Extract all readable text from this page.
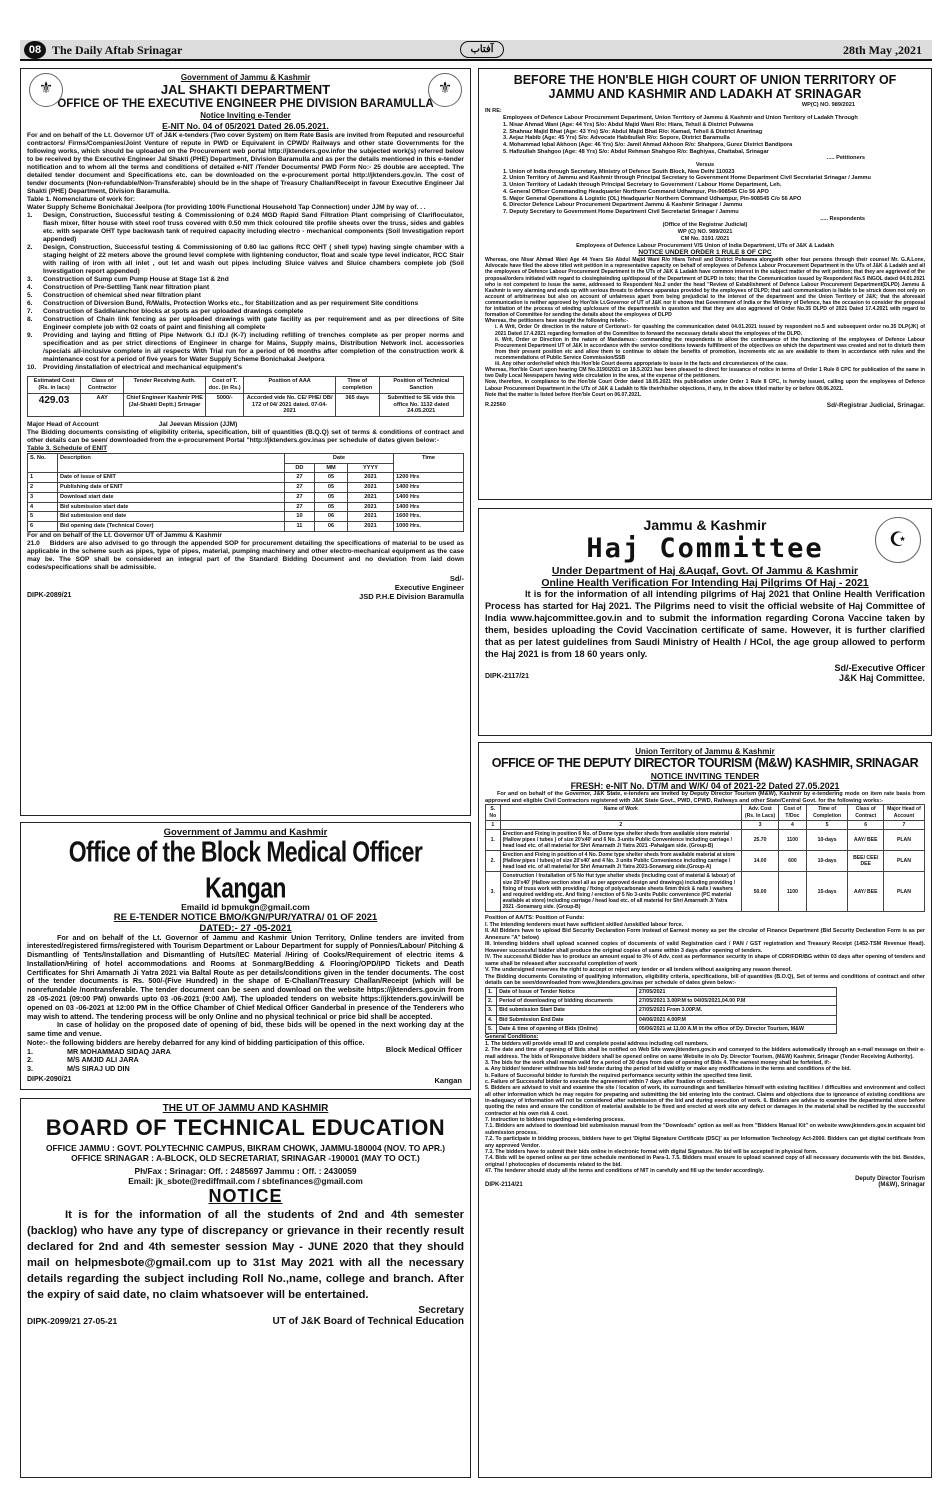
08 The Daily Aftab Srinagar	آفتاب	28th May ,2021
⚜	⚜

Government of Jammu & Kashmir

JAL SHAKTI DEPARTMENT

OFFICE OF THE EXECUTIVE ENGINEER PHE DIVISION BARAMULLA

Notice Inviting e-Tender

E-NIT No. 04 of 05/2021 Dated 26.05.2021.

For and on behalf of the Lt. Governor UT of J&K e-tenders (Two cover System) on Item Rate Basis are invited from Reputed and resourceful contractors/ Firms/Companies/Joint Venture of repute in PWD or Equivalent in CPWD/ Railways and other state Governments for the following works, which should be uploaded on the Procurement web portal http://jktenders.gov.infor the subjected work(s) referred below to be received by the Executive Engineer Jal Shakti (PHE) Department, Division Baramulla and as per the details mentioned in this e-tender notification and to whom all the terms and conditions of detailed e-NIT /Tender Documents/ PWD Form No:- 25 double are accepted. The detailed tender document and Specifications etc. can be downloaded on the e-procurement portal http://jktenders.gov.in. The cost of tender documents (Non-refundable/Non-Transferable) should be in the shape of Treasury Challan/Receipt in favour Executive Engineer Jal Shakti (PHE) Department, Division Baramulla.

Table 1. Nomenclature of work for:

Water Supply Scheme Bonichakal Jeelpora (for providing 100% Functional Household Tap Connection) under JJM by way of. . .

1.	Design, Construction, Successful testing & Commissioning of 0.24 MGD Rapid Sand Filtration Plant comprising of Clarifloculator, flash mixer, filter house with steel roof truss covered with 0.50 mm thick coloured tile profile sheets over the truss, sides and gables etc. with separate OHT type backwash tank of required capacity including electro - mechanical components (Soil Investigation report appended)
2.	Design, Construction, Successful testing & Commissioning of 0.60 lac gallons RCC OHT ( shell type) having single chamber with a staging height of 22 meters above the ground level complete with lightening conductor, float and scale type level indicator, RCC Stair with railing of iron with all inlet , out let and wash out pipes including Sluice valves and Sluice chambers complete job (Soil Investigation report appended)
3.	Construction of Sump cum Pump House at Stage 1st & 2nd
4.	Construction of Pre-Settling Tank near filtration plant
5.	Construction of chemical shed near filtration plant
6.	Construction of Diversion Bund, R/Walls, Protection Works etc., for Stabilization and as per requirement Site conditions
7.	Construction of Saddle/anchor blocks at spots as per uploaded drawings complete
8.	Construction of Chain link fencing as per uploaded drawings with gate facility as per requirement and as per directions of Site Engineer complete job with 02 coats of paint and finishing all complete
9.	Providing and laying and fitting of Pipe Network G.I /D.I (K-7) including refilling of trenches complete as per proper norms and specification and as per strict directions of Engineer in charge for Mains, Supply mains, Distribution Network incl. accessories /specials all-inclusive complete in all respects With Trial run for a period of 06 months after completion of the construction work & maintenance cost for a period of five years for Water Supply Scheme Bonichakal Jeelpora
10.	Providing /installation of electrical and mechanical equipment's
Estimated Cost (Rs. in lacs)	Class of Contractor	Tender Receiving Auth.	Cost of T. doc. (in Rs.)	Position of AAA	Time of completion	Position of Technical Sanction
429.03	AAY	Chief Engineer Kashmir PHE (Jal-Shakti Deptt.) Srinagar	5000/-	Accorded vide No. CE/ PHE/ DB/ 172 of 04/ 2021 dated. 07-04-2021	365 days	Submitted to SE vide this office No. 1132 dated 24.05.2021

Major Head of Account	Jal Jeevan Mission (JJM)

The Bidding documents consisting of eligibility criteria, specification, bill of quantities (B.Q.Q) set of terms & conditions of contract and other details can be seen/ downloaded from the e-procurement Portal "http://jktenders.gov.inas per schedule of dates given below:-

Table 3. Schedule of ENIT

S. No.	Description	Date			Time
		DD	MM	YYYY	
1	Date of issue of ENIT	27	05	2021	1200 Hrs
2	Publishing date of ENIT	27	05	2021	1400 Hrs
3	Download start date	27	05	2021	1400 Hrs
4	Bid submission start date	27	05	2021	1400 Hrs
5	Bid submission end date	10	06	2021	1600 Hrs.
6	Bid opening date (Technical Cover)	11	06	2021	1000 Hrs.

For and on behalf of the Lt. Governor UT of Jammu & Kashmir

21.0 Bidders are also advised to go through the appended SOP for procurement detailing the specifications of material to be used as applicable in the scheme such as pipes, type of pipes, material, pumping machinery and other electro-mechanical equipment as the case may be. The SOP shall be considered an integral part of the Standard Bidding Document and no deviation from laid down codes/specifications shall be admissible.

Sd/-

Executive Engineer

DIPK-2089/21	JSD P.H.E Division Baramulla

BEFORE THE HON'BLE HIGH COURT OF UNION TERRITORY OF

JAMMU AND KASHMIR AND LADAKH AT SRINAGAR

WP(C) NO. 989/2021

IN RE:

Employees of Defence Labour Procurement Department, Union Territory of Jammu & Kashmir and Union Territory of Ladakh Through
1. Nisar Ahmad Wani (Age: 44 Yrs) S/o: Abdul Majid Wani R/o: Hiara, Tehsil & District Pulwama
2. Shahnaz Majid Bhat (Age: 43 Yrs) S/o: Abdul Majid Bhat R/o: Kamad, Tehsil & District Anantnag
3. Aejaz Habib (Age: 45 Yrs) S/o: Advocate Habibullah R/o: Sopore, District Baramulla
4. Mohammad Iqbal Akhoon (Age: 46 Yrs) S/o: Jamil Ahmad Akhoon R/o: Shahpora, Gurez District Bandipora
5. Hafizullah Shahgoo (Age: 48 Yrs) S/o: Abdul Rehman Shahgoo R/o: Baghiyas, Chattabal, Srinagar

..... Petitioners

Versus

1. Union of India through Secretary, Ministry of Defence South Block, New Delhi 110023
2. Union Territory of Jammu and Kashmir through Principal Secretary to Government Home Department Civil Secretariat Srinagar / Jammu
3. Union Territory of Ladakh through Principal Secretary to Government / Labour Home Department, Leh.
4. General Officer Commanding Headquarter Northern Command Udhampur, Pin-908545 C/o 56 APO
5. Major General Operations & Logistic (OL) Headquarter Northern Command Udhampur, Pin-908545 C/o 56 APO
6. Director Defence Labour Procurement Department Jammu & Kashmir Srinagar / Jammu
7. Deputy Secretary to Government Home Department Civil Secretariat Srinagar / Jammu

..... Respondents

(Office of the Registrar Judicial)

WP (C) NO. 989/2021

CM No. 3191 /2021

Employees of Defence Labour Procurement V/S Union of India Department, UTs of J&K & Ladakh

NOTICE UNDER ORDER 1 RULE 8 OF CPC

Whereas, one Nisar Ahmad Wani Age 44 Years S/o Abdul Majid Wani R/o Hiara Tehsil and District Pulwama alongwith other four persons through their counsel Mr. G.A.Lone, Advocate have filed the above titled writ petition in a representative capacity on behalf of employees of Defence Labour Procurement Department in the UTs of J&K & Ladakh and all the employees of Defence Labour Procurement Department in the UTs of J&K & Ladakh have common interest in the subject matter of the writ petition; that they are aggrieved of the proposal/orders initiated with regard to closing/winding up/disposal of the Department of DLPD in toto; that the Communication issued by Respondent No.5 INGOL dated 04.01.2021 who is not competent to issue the same, addressed to Respondent No.2 under the head "Review of Establishment of Defence Labour Procurement Department(DLPD) Jammu & Kashmir is very alarming and ends up with serious threats to defence apparatus provided by the employees of DLPD; that said communication is liable to be struck down not only on account of arbitrariness but also on account of unfairness apart from being prejudicial to the interest of the department and the Union Territory of J&K; that the aforesaid communication is neither approved by Hon'ble Lt.Governor of UT of J&K nor it shows that Government of India or the Ministry of Defence, has the occasion to consider the proposal for initiation of the process of winding up/closure of the department/s in question and that they are also aggrieved of Order No.35 DLPD of 2021 Dated 17.4.2021 with regard to formation of Committee for sending the details about the employees of DLPD

Whereas, the petitioners have sought the following reliefs:-

i. A Writ, Order Or direction in the nature of Certiorari:- for quashing the communication dated 04.01.2021 issued by respondent no.5 and subsequent order no.35 DLP(JK) of 2021 Dated 17.4.2021 regarding formation of the Committee to forward the necessary details about the employees of the DLPD.
ii. Writ, Order or Direction in the nature of Mandamus:- commanding the respondents to allow the continuance of the functioning of the employees of Defence Labour Procurement Department UT of J&K in accordance with the service conditions towards fulfillment of the objectives on which the department was created and not to disturb them from their present position etc and allow them to continue to obtain the benefits of promotion, increments etc as are available to them in accordance with rules and the recommendations of Public Service Commission/SSB
iii. Any other order/relief which this Hon'ble Court deems appropriate to issue in the facts and circumstances of the case.

Whereas, Hon'ble Court upon hearing CM No.3190/2021 on 18.5.2021 has been pleased to direct for issuance of notice in terms of Order 1 Rule 8 CPC for publication of the same in two Daily Local Newspapers having wide circulation in the area, at the expense of the petitioners.

Now, therefore, in compliance to the Hon'ble Court Order dated 18.05.2021 this publication under Order 1 Rule 8 CPC, is hereby issued, calling upon the employees of Defence Labour Procurement Department in the UTs of J&K & Ladakh to file their/his/her objections, if any, in the above titled matter by or before 08.06.2021.

Note that the matter is listed before Hon'ble Court on 06.07.2021.

R.22560	Sd/-Registrar Judicial, Srinagar.
☪

Jammu & Kashmir

Haj Committee

Under Department of Haj &Auqaf, Govt. Of Jammu & Kashmir

Online Health Verification For Intending Haj Pilgrims Of Haj - 2021

It is for the information of all intending pilgrims of Haj 2021 that Online Health Verification Process has started for Haj 2021. The Pilgrims need to visit the official website of Haj Committee of India www.hajcommittee.gov.in and to submit the information regarding Corona Vaccine taken by them, besides uploading the Covid Vaccination certificate of same. However, it is further clarified that as per latest guidelines from Saudi Ministry of Health / HCol, the age group allowed to perform the Haj 2021 is from 18 60 years only.

Sd/-Executive Officer

DIPK-2117/21	J&K Haj Committee.

Government of Jammu and Kashmir

Office of the Block Medical Officer Kangan

Emaild id bpmukgn@gmail.com

RE E-TENDER NOTICE BMO/KGN/PUR/YATRA/ 01 OF 2021

DATED:- 27 -05-2021

For and on behalf of the Lt. Governor of Jammu and Kashmir Union Territory, Online tenders are invited from interested/registered firms/registered with Tourism Department or Labour Department for supply of Ponnies/Labour/ Pitching & Dismantling of Tents/Installation and Dismantling of Huts/IEC Material /Hiring of Cooks/Requirement of electric items & Installation/Hiring of hotel accommodations and Rooms at Sonmarg/Bedding & Flooring/OPD/IPD Tickets and Death Certificates for Shri Amarnath Ji Yatra 2021 via Baltal Route as per details/conditions given in the tender documents. The cost of the tender documents is Rs. 500/-(Five Hundred) in the shape of E-Challan/Treasury Challan/Receipt (which will be nonrefundable /nontransferable. The tender document can be seen and download on the website https://jktenders.gov.in from 28 -05-2021 (09:00 PM) onwards upto 03 -06-2021 (9:00 AM). The uploaded tenders on website https://jktenders.gov.in/will be opened on 03 -06-2021 at 12:00 PM in the Office Chamber of Chief Medical Officer Ganderbal in presence of the Tenderers who may wish to attend. The tendering process will be only Online and no physical technical or price bid shall be accepted.

In case of holiday on the proposed date of opening of bid, these bids will be opened in the next working day at the same time and venue.

Note:- the following bidders are hereby debarred for any kind of bidding participation of this office.

1.	MR MOHAMMAD SIDAQ JARA
2.	M/S AMJID ALI JARA
3.	M/S SIRAJ UD DIN

Block Medical Officer

DIPK-2090/21	Kangan

THE UT OF JAMMU AND KASHMIR

BOARD OF TECHNICAL EDUCATION

OFFICE JAMMU : GOVT. POLYTECHNIC CAMPUS, BIKRAM CHOWK, JAMMU-180004 (NOV. TO APR.)

OFFICE SRINAGAR : A-BLOCK, OLD SECRETARIAT, SRINAGAR -190001 (MAY TO OCT.)

Ph/Fax : Srinagar: Off. : 2485697 Jammu : Off. : 2430059

Email: jk_sbote@rediffmail.com / sbtefinances@gmail.com

NOTICE

It is for the information of all the students of 2nd and 4th semester (backlog) who have any type of discrepancy or grievance in their recently result declared for 2nd and 4th semester session May - JUNE 2020 that they should mail on helpmesbote@gmail.com up to 31st May 2021 with all the necessary details regarding the subject including Roll No.,name, college and branch. After the expiry of said date, no claim whatsoever will be entertained.

Secretary

DIPK-2099/21 27-05-21	UT of J&K Board of Technical Education

Union Territory of Jammu & Kashmir

OFFICE OF THE DEPUTY DIRECTOR TOURISM (M&W) KASHMIR, SRINAGAR

NOTICE INVITING TENDER

FRESH: e-NIT No. DT/M and W/K/ 04 of 2021-22 Dated 27.05.2021

For and on behalf of the Governor, J&K State, e-tenders are invited by Deputy Director Tourism (M&W), Kashmir by e-tendering mode on item rate basis from approved and eligible Civil Contractors registered with J&K State Govt., PWD, CPWD, Railways and other State/Central Govt. for the following works:-

S. No	Name of Work	Adv. Cost (Rs. In Lacs)	Cost of T/Doc	Time of Completion	Class of Contract	Major Head of Account
1	2	3	4	5	6	7
1.	Erection and Fixing in position 6 No. of Dome type shelter sheds from available store material (Hallow pipes / tubes ) of size 20'x40' and 6 No. 3-units Public Convenience including carriage / head load etc. of all material for Shri Amarnath Ji Yatra 2021 -Pahalgam side. (Group-B)	25.70	1100	10-days	AAY/ BEE	PLAN
2.	Erection and Fixing in position of 4 No. Dome type shelter sheds from available material at store (Hallow pipes / tubes) of size 20'x40' and 4 No. 3 units Public Convenience including carriage / head load etc. of all material for Shri Amarnath Ji Yatra 2021-Sonamarg side.(Group-A)	14.00	600	10-days	BEE/ CEE/ DEE	PLAN
3.	Construction / Installation of 5 No Hut type shelter sheds (including cost of material & labour) of size 20'x40' (Hallow section steel all as per approved design and drawings) including providing / fixing of truss work with providing / fixing of polycarbonate sheets 6mm thick & nails / washers and required welding etc. And fixing / erection of 5 No 3-units Public convenience (PC material available at store) including carriage / head load etc. of all material for Shri Amarnath Ji Yatra 2021 -Sonamarg side. (Group-B)	50.00	1100	15-days	AAY/ BEE	PLAN

Position of AA/TS: Position of Funds:

I. The intending tenderers must have sufficient skilled /unskilled labour force.
II. All Bidders have to upload Bid Security Declaration Form instead of Earnest money as per the circular of Finance Department (Bid Security Declaration Form is as per Annexure "A" below)
III. Intending bidders shall upload scanned copies of documents of valid Registration card / PAN / GST registration and Treasury Receipt (1452-TSM Revenue Head). However successful bidder shall produce the original copies of same within 3 days after opening of tenders.
IV. The successful Bidder has to produce an amount equal to 3% of Adv. cost as performance security in shape of CDR/FDR/BG within 03 days after opening of tenders and same shall be released after successful completion of work
V. The undersigned reserves the right to accept or reject any tender or all tenders without assigning any reason thereof.

The Bidding documents Consisting of qualifying information, eligibility criteria, specifications, bill of quantities (B.O.Q), Set of terms and conditions of contract and other details can be seen/downloaded from www.jktenders.gov.inas per schedule of dates given below:-

1.	Date of Issue of Tender Notice	27/05/2021
2.	Period of downloading of bidding documents	27/05/2021 3.00P.M to 04/05/2021,04.00 P.M
3.	Bid submission Start Date	27/05/2021 From 3.00P.M.
4.	Bid Submission End Date	04/06/2021 4.00P.M
5.	Date & time of opening of Bids (Online)	05/06/2021 at 11.00 A.M in the office of Dy. Director Tourism, M&W

General Conditions:

1. The bidders will provide email ID and complete postal address including cell numbers.
2. The date and time of opening of Bids shall be notified on Web Site www.jktenders.gov.in and conveyed to the bidders automatically through an e-mail message on their e-mail address. The bids of Responsive bidders shall be opened online on same Website in o/o Dy. Director Tourism, (M&W) Kashmir, Srinagar (Tender Receiving Authority).
3. The bids for the work shall remain valid for a period of 30 days from date of opening of Bids 4. The earnest money shall be forfeited, if:-
a. Any bidder/ tenderer withdraw his bid/ tender during the period of bid validity or make any modifications in the terms and conditions of the bid.
b. Failure of Successful bidder to furnish the required performance security within the specified time limit.
c. Failure of Successful bidder to execute the agreement within 7 days after fixation of contract.
5. Bidders are advised to visit and examine the site / location of work, its surroundings and familiarize himself with existing facilities / difficulties and environment and collect all other information which he may require for preparing and submitting the bid entering into the contract. Claims and objections due to ignorance of existing conditions are in-adequacy of information will not be considered after submission of the bid and during execution of work. 6. Bidders are advise to examine the departmental store before quoting the rates and ensure the condition of material available to be fixed and erected at work site any defect or damages in the material shall be rectified by the successful contractor at his own risk & cost.
7. Instruction to bidders regarding e-tendering process.
7.1. Bidders are advised to download bid submission manual from the "Downloads" option as well as from "Bidders Manual Kit" on website www.jktenders.gov.in acquaint bid submission process.
7.2. To participate in bidding process, bidders have to get 'Digital Signature Certificate (DSC)' as per Information Technology Act-2000. Bidders can get digital certificate from any approved Vendor.
7.3. The bidders have to submit their bids online in electronic format with digital Signature. No bid will be accepted in physical form.
7.4. Bids will be opened online as per time schedule mentioned in Para-1. 7.5. Bidders must ensure to upload scanned copy of all necessary documents with the bid. Besides, original / photocopies of documents related to the bid.
47. The tenderer should study all the terms and conditions of NIT in carefully and fill up the tender accordingly.

Deputy Director Tourism

DIPK-2114/21	(M&W), Srinagar
